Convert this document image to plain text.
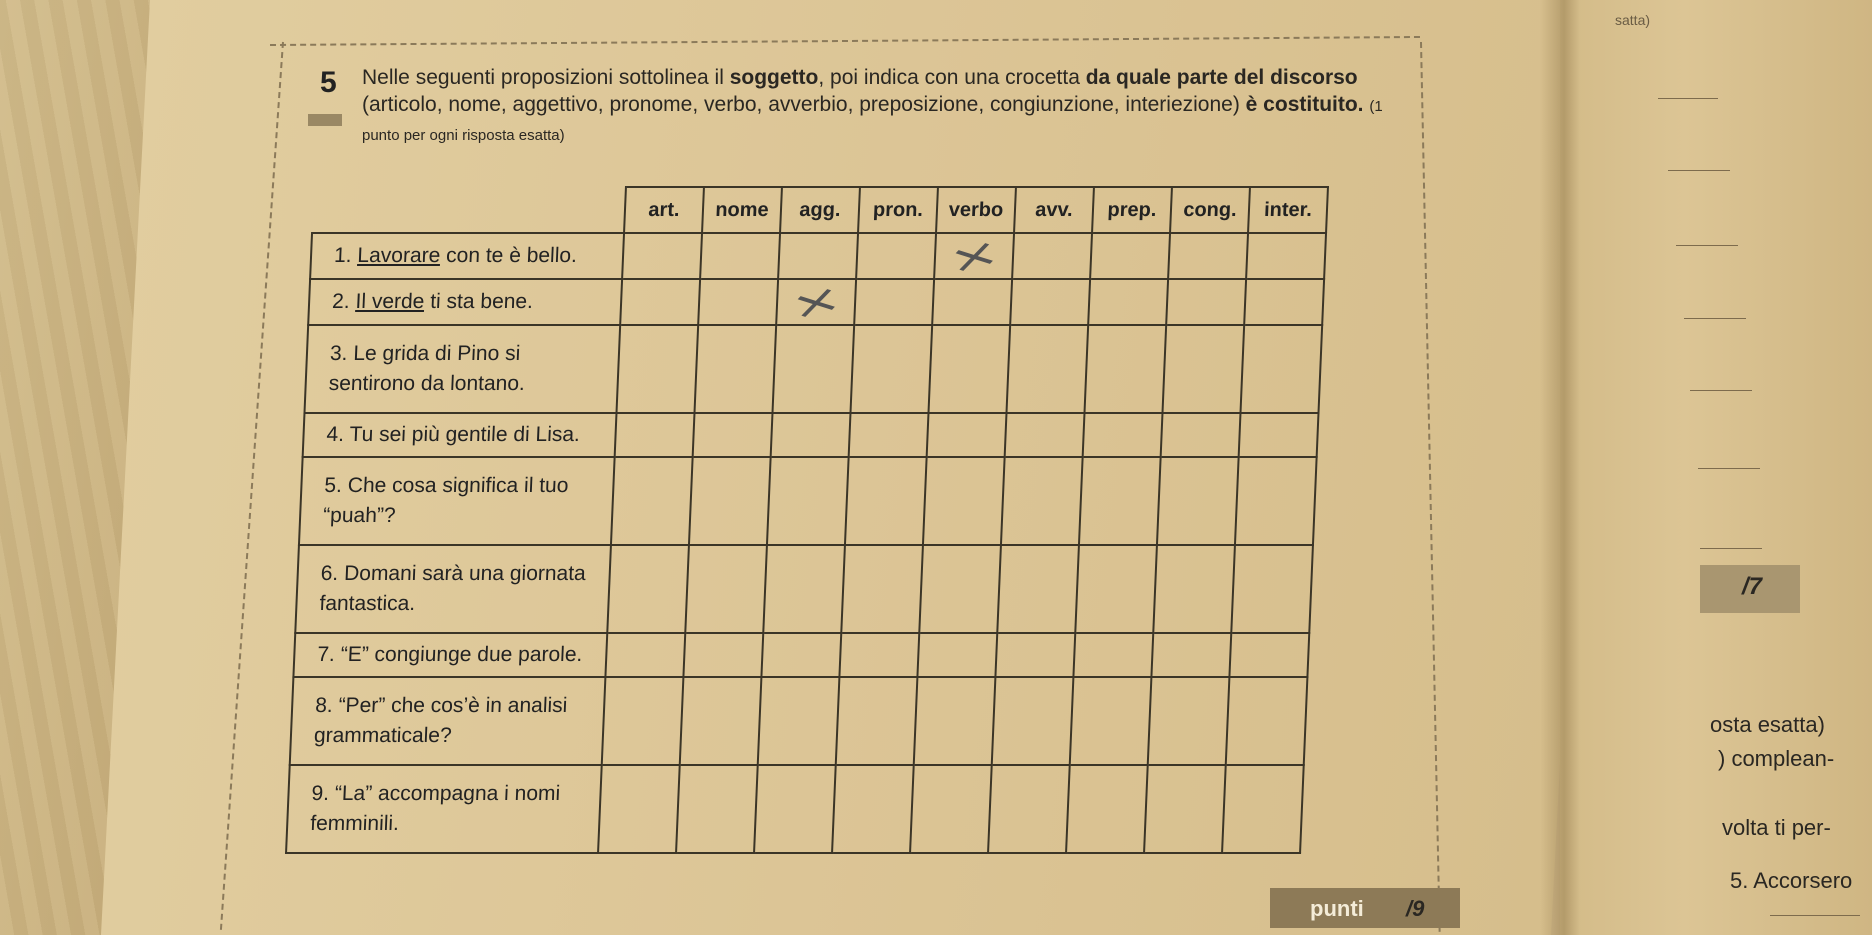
5 Nelle seguenti proposizioni sottolinea il soggetto, poi indica con una crocetta da quale parte del discorso (articolo, nome, aggettivo, pronome, verbo, avverbio, preposizione, congiunzione, interiezione) è costituito. (1 punto per ogni risposta esatta)
	art.	nome	agg.	pron.	verbo	avv.	prep.	cong.	inter.
1. Lavorare con te è bello.					×				
2. Il verde ti sta bene.			×						
3. Le grida di Pino si sentirono da lontano.									
4. Tu sei più gentile di Lisa.									
5. Che cosa significa il tuo “puah”?									
6. Domani sarà una giornata fantastica.									
7. “E” congiunge due parole.									
8. “Per” che cos’è in analisi grammaticale?									
9. “La” accompagna i nomi femminili.									
punti /9
satta)
/7
osta esatta)
) complean-
volta ti per-
5. Accorsero
